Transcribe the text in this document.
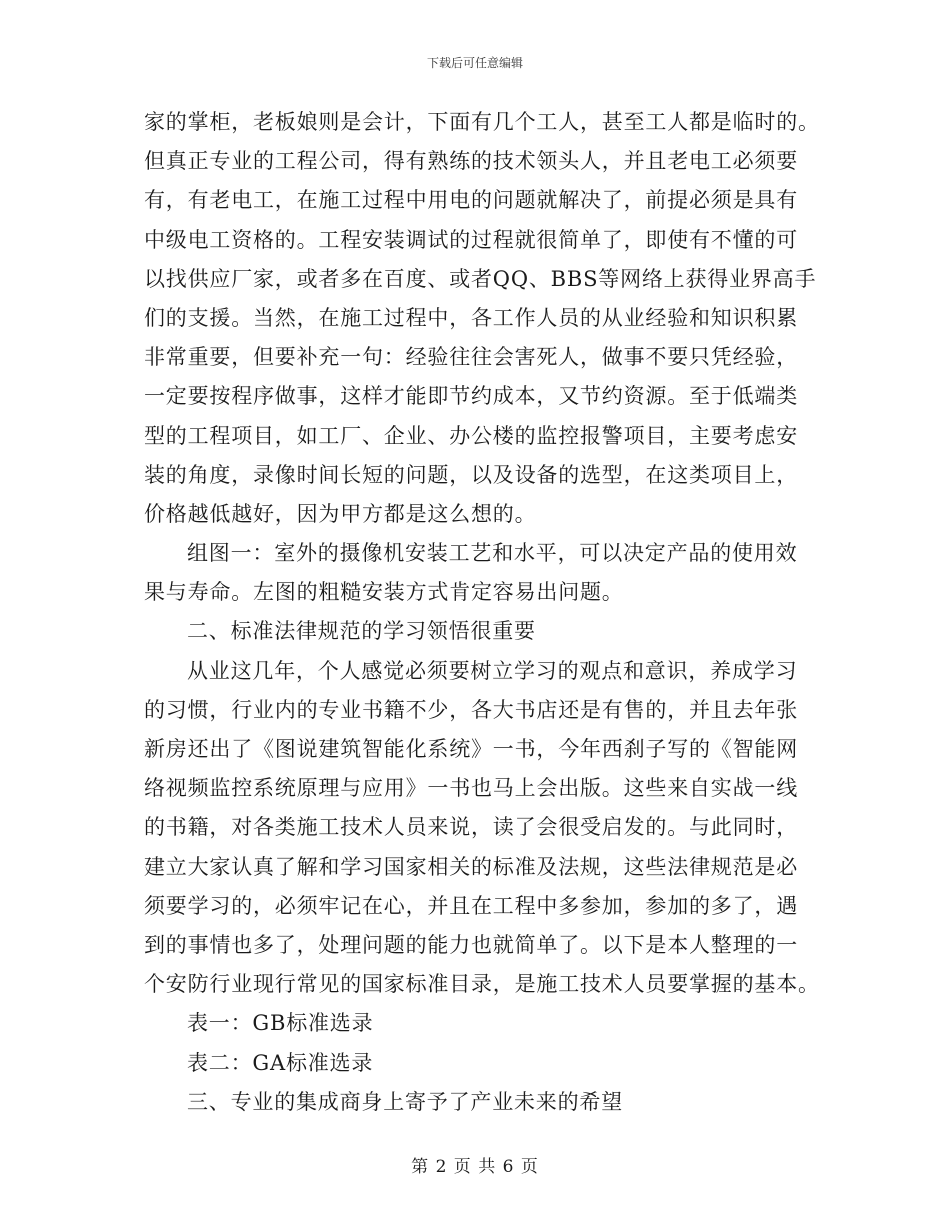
下载后可任意编辑
家的掌柜，老板娘则是会计，下面有几个工人，甚至工人都是临时的。
但真正专业的工程公司，得有熟练的技术领头人，并且老电工必须要
有，有老电工，在施工过程中用电的问题就解决了，前提必须是具有
中级电工资格的。工程安装调试的过程就很简单了，即使有不懂的可
以找供应厂家，或者多在百度、或者QQ、BBS等网络上获得业界高手
们的支援。当然，在施工过程中，各工作人员的从业经验和知识积累
非常重要，但要补充一句：经验往往会害死人，做事不要只凭经验，
一定要按程序做事，这样才能即节约成本，又节约资源。至于低端类
型的工程项目，如工厂、企业、办公楼的监控报警项目，主要考虑安
装的角度，录像时间长短的问题，以及设备的选型，在这类项目上，
价格越低越好，因为甲方都是这么想的。
组图一：室外的摄像机安装工艺和水平，可以决定产品的使用效
果与寿命。左图的粗糙安装方式肯定容易出问题。
二、标准法律规范的学习领悟很重要
从业这几年，个人感觉必须要树立学习的观点和意识，养成学习
的习惯，行业内的专业书籍不少，各大书店还是有售的，并且去年张
新房还出了《图说建筑智能化系统》一书，今年西刹子写的《智能网
络视频监控系统原理与应用》一书也马上会出版。这些来自实战一线
的书籍，对各类施工技术人员来说，读了会很受启发的。与此同时，
建立大家认真了解和学习国家相关的标准及法规，这些法律规范是必
须要学习的，必须牢记在心，并且在工程中多参加，参加的多了，遇
到的事情也多了，处理问题的能力也就简单了。以下是本人整理的一
个安防行业现行常见的国家标准目录，是施工技术人员要掌握的基本。
表一：GB标准选录
表二：GA标准选录
三、专业的集成商身上寄予了产业未来的希望
第 2 页 共 6 页
